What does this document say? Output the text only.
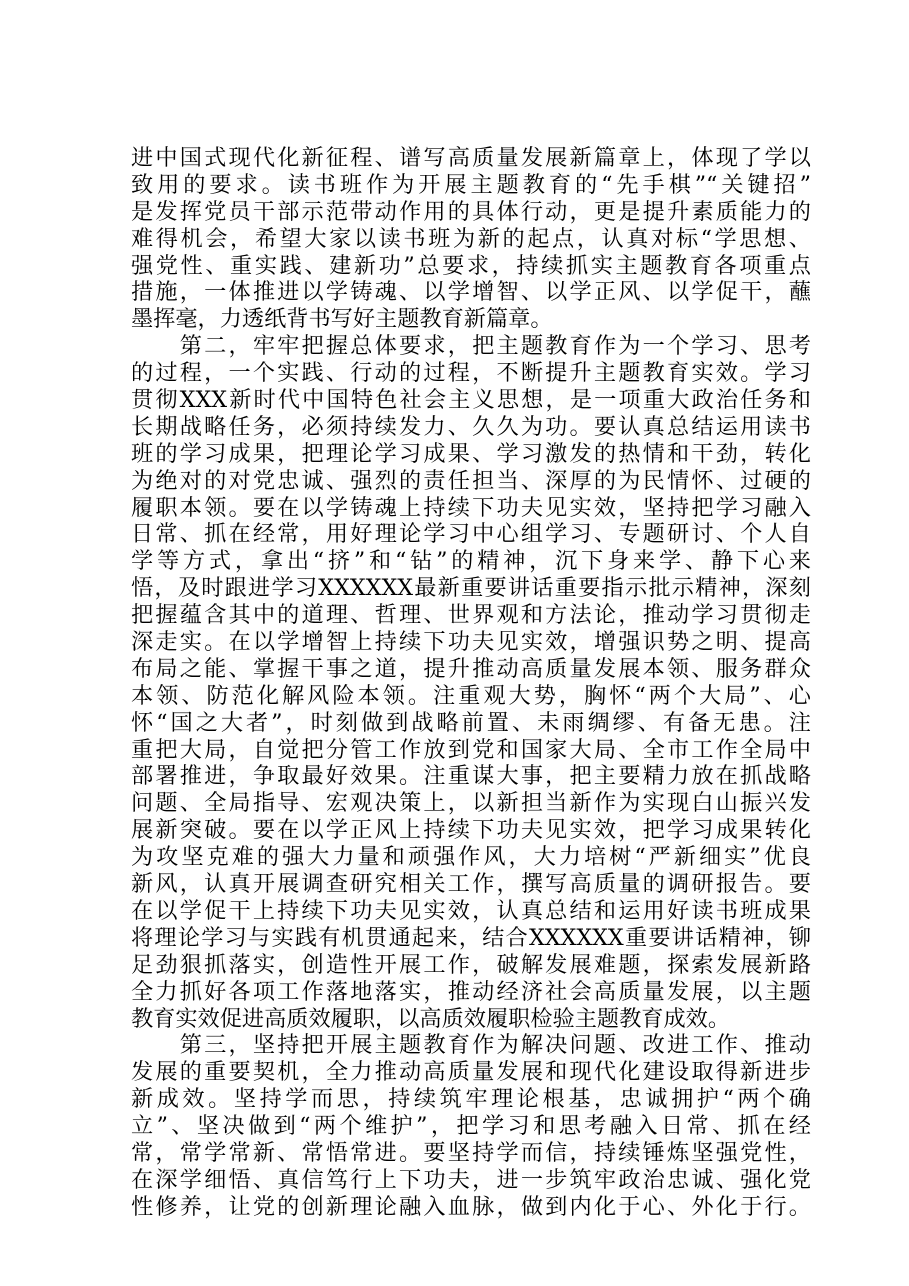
进中国式现代化新征程、谱写高质量发展新篇章上，体现了学以
致用的要求。读书班作为开展主题教育的“先手棋”“关键招”
是发挥党员干部示范带动作用的具体行动，更是提升素质能力的
难得机会，希望大家以读书班为新的起点，认真对标“学思想、
强党性、重实践、建新功”总要求，持续抓实主题教育各项重点
措施，一体推进以学铸魂、以学增智、以学正风、以学促干，蘸
墨挥毫，力透纸背书写好主题教育新篇章。
　　第二，牢牢把握总体要求，把主题教育作为一个学习、思考
的过程，一个实践、行动的过程，不断提升主题教育实效。学习
贯彻XXX新时代中国特色社会主义思想，是一项重大政治任务和
长期战略任务，必须持续发力、久久为功。要认真总结运用读书
班的学习成果，把理论学习成果、学习激发的热情和干劲，转化
为绝对的对党忠诚、强烈的责任担当、深厚的为民情怀、过硬的
履职本领。要在以学铸魂上持续下功夫见实效，坚持把学习融入
日常、抓在经常，用好理论学习中心组学习、专题研讨、个人自
学等方式，拿出“挤”和“钻”的精神，沉下身来学、静下心来
悟，及时跟进学习XXXXXX最新重要讲话重要指示批示精神，深刻
把握蕴含其中的道理、哲理、世界观和方法论，推动学习贯彻走
深走实。在以学增智上持续下功夫见实效，增强识势之明、提高
布局之能、掌握干事之道，提升推动高质量发展本领、服务群众
本领、防范化解风险本领。注重观大势，胸怀“两个大局”、心
怀“国之大者”，时刻做到战略前置、未雨绸缪、有备无患。注
重把大局，自觉把分管工作放到党和国家大局、全市工作全局中
部署推进，争取最好效果。注重谋大事，把主要精力放在抓战略
问题、全局指导、宏观决策上，以新担当新作为实现白山振兴发
展新突破。要在以学正风上持续下功夫见实效，把学习成果转化
为攻坚克难的强大力量和顽强作风，大力培树“严新细实”优良
新风，认真开展调查研究相关工作，撰写高质量的调研报告。要
在以学促干上持续下功夫见实效，认真总结和运用好读书班成果
将理论学习与实践有机贯通起来，结合XXXXXX重要讲话精神，铆
足劲狠抓落实，创造性开展工作，破解发展难题，探索发展新路
全力抓好各项工作落地落实，推动经济社会高质量发展，以主题
教育实效促进高质效履职，以高质效履职检验主题教育成效。
　　第三，坚持把开展主题教育作为解决问题、改进工作、推动
发展的重要契机，全力推动高质量发展和现代化建设取得新进步
新成效。坚持学而思，持续筑牢理论根基，忠诚拥护“两个确
立”、坚决做到“两个维护”，把学习和思考融入日常、抓在经
常，常学常新、常悟常进。要坚持学而信，持续锤炼坚强党性，
在深学细悟、真信笃行上下功夫，进一步筑牢政治忠诚、强化党
性修养，让党的创新理论融入血脉，做到内化于心、外化于行。
